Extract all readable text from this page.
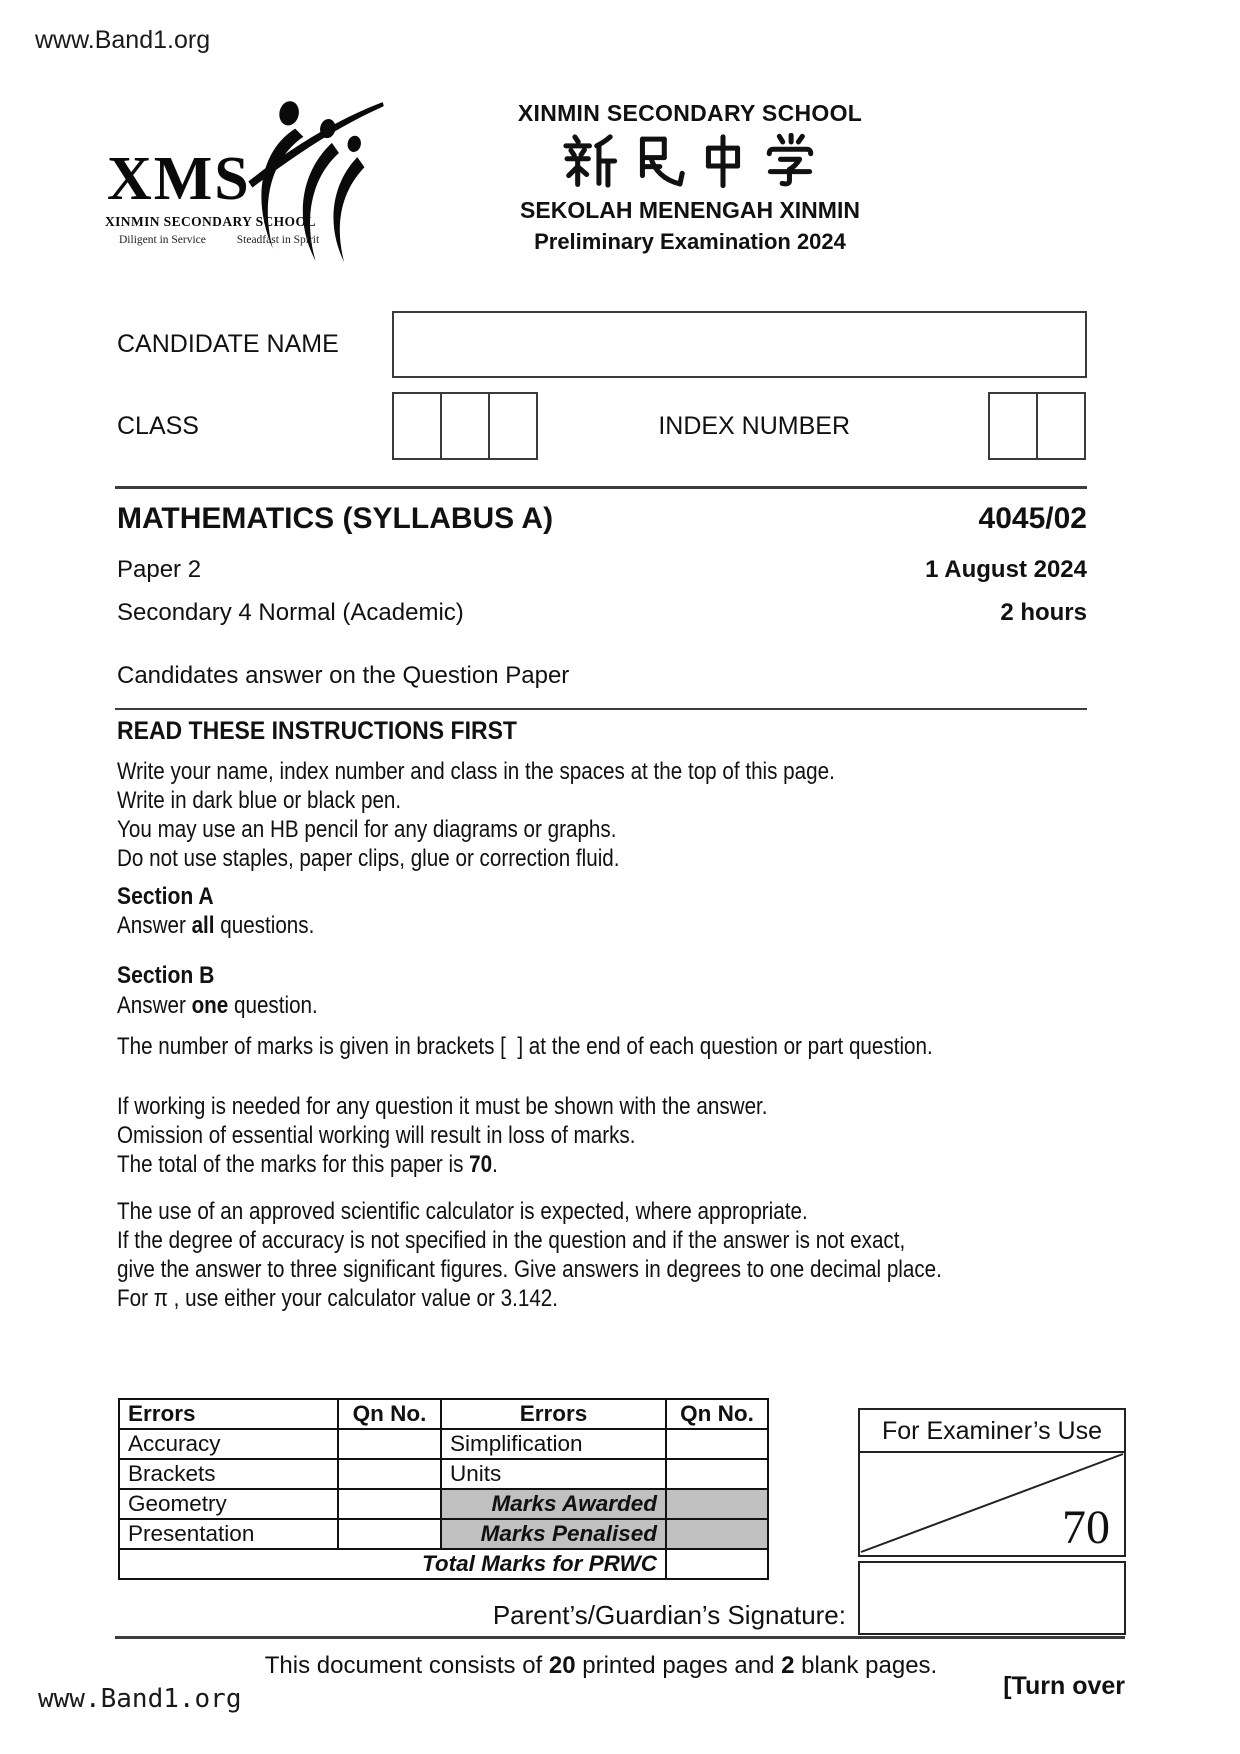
www.Band1.org
XMS
XINMIN SECONDARY SCHOOL
Diligent in Service	Steadfast in Spirit
XINMIN SECONDARY SCHOOL

SEKOLAH MENENGAH XINMIN
Preliminary Examination 2024
CANDIDATE NAME
CLASS	INDEX NUMBER
MATHEMATICS (SYLLABUS A)	4045/02
Paper 2	1 August 2024
Secondary 4 Normal (Academic)	2 hours
Candidates answer on the Question Paper
READ THESE INSTRUCTIONS FIRST
Write your name, index number and class in the spaces at the top of this page.
Write in dark blue or black pen.
You may use an HB pencil for any diagrams or graphs.
Do not use staples, paper clips, glue or correction fluid.
Section A
Answer all questions.
Section B
Answer one question.
The number of marks is given in brackets [  ] at the end of each question or part question.
If working is needed for any question it must be shown with the answer.
Omission of essential working will result in loss of marks.
The total of the marks for this paper is 70.
The use of an approved scientific calculator is expected, where appropriate.
If the degree of accuracy is not specified in the question and if the answer is not exact,
give the answer to three significant figures. Give answers in degrees to one decimal place.
For π , use either your calculator value or 3.142.
Errors	Qn No.	Errors	Qn No.
Accuracy		Simplification	
Brackets		Units	
Geometry		Marks Awarded	
Presentation		Marks Penalised	
Total Marks for PRWC			
For Examiner’s Use
70
Parent’s/Guardian’s Signature:
This document consists of 20 printed pages and 2 blank pages.
[Turn over
www.Band1.org
